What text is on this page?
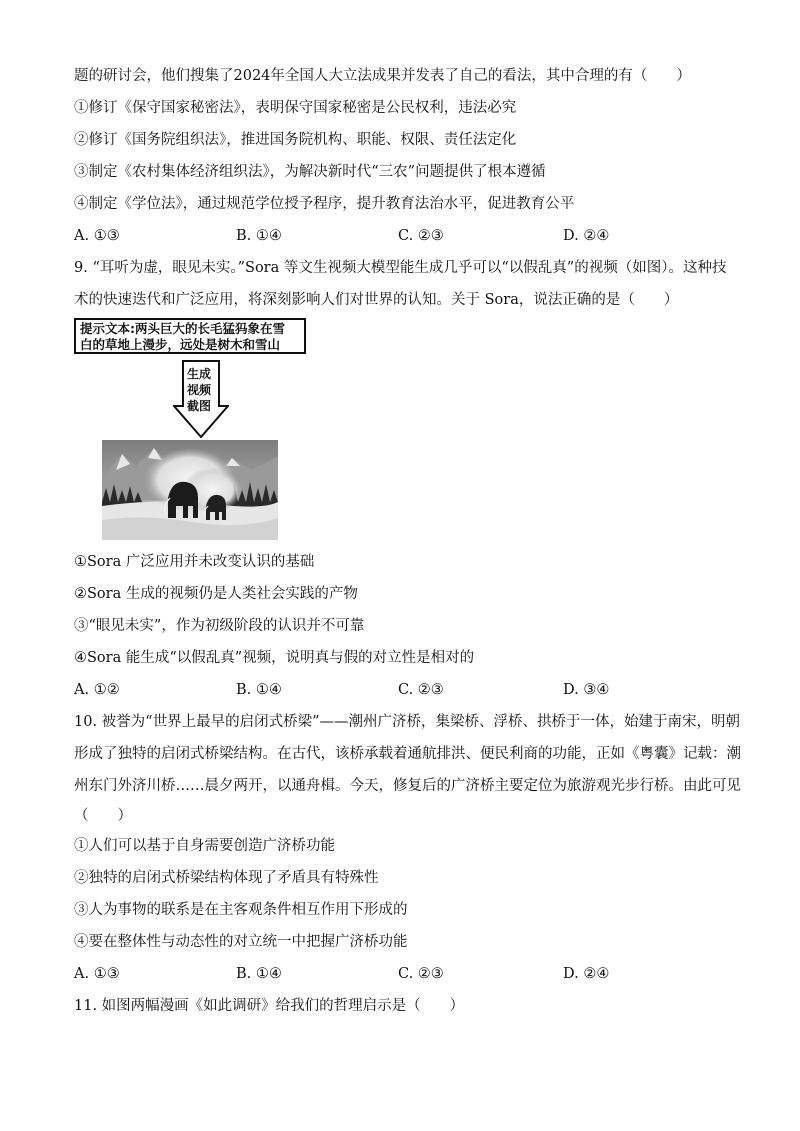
题的研讨会，他们搜集了2024年全国人大立法成果并发表了自己的看法，其中合理的有（　　）
①修订《保守国家秘密法》，表明保守国家秘密是公民权利，违法必究
②修订《国务院组织法》，推进国务院机构、职能、权限、责任法定化
③制定《农村集体经济组织法》，为解决新时代“三农”问题提供了根本遵循
④制定《学位法》，通过规范学位授予程序，提升教育法治水平，促进教育公平
A. ①③	B. ①④	C. ②③	D. ②④
9. “耳听为虚，眼见未实。”Sora 等文生视频大模型能生成几乎可以“以假乱真”的视频（如图）。这种技
术的快速迭代和广泛应用，将深刻影响人们对世界的认知。关于 Sora，说法正确的是（　　）
提示文本:两头巨大的长毛猛犸象在雪
白的草地上漫步，远处是树木和雪山
生成
视频
截图
①Sora 广泛应用并未改变认识的基础
②Sora 生成的视频仍是人类社会实践的产物
③“眼见未实”，作为初级阶段的认识并不可靠
④Sora 能生成“以假乱真”视频，说明真与假的对立性是相对的
A. ①②	B. ①④	C. ②③	D. ③④
10. 被誉为“世界上最早的启闭式桥梁”——潮州广济桥，集梁桥、浮桥、拱桥于一体，始建于南宋，明朝
形成了独特的启闭式桥梁结构。在古代，该桥承载着通航排洪、便民利商的功能，正如《粤囊》记载：潮
州东门外济川桥……晨夕两开，以通舟楫。今天，修复后的广济桥主要定位为旅游观光步行桥。由此可见
（　　）
①人们可以基于自身需要创造广济桥功能
②独特的启闭式桥梁结构体现了矛盾具有特殊性
③人为事物的联系是在主客观条件相互作用下形成的
④要在整体性与动态性的对立统一中把握广济桥功能
A. ①③	B. ①④	C. ②③	D. ②④
11. 如图两幅漫画《如此调研》给我们的哲理启示是（　　）
